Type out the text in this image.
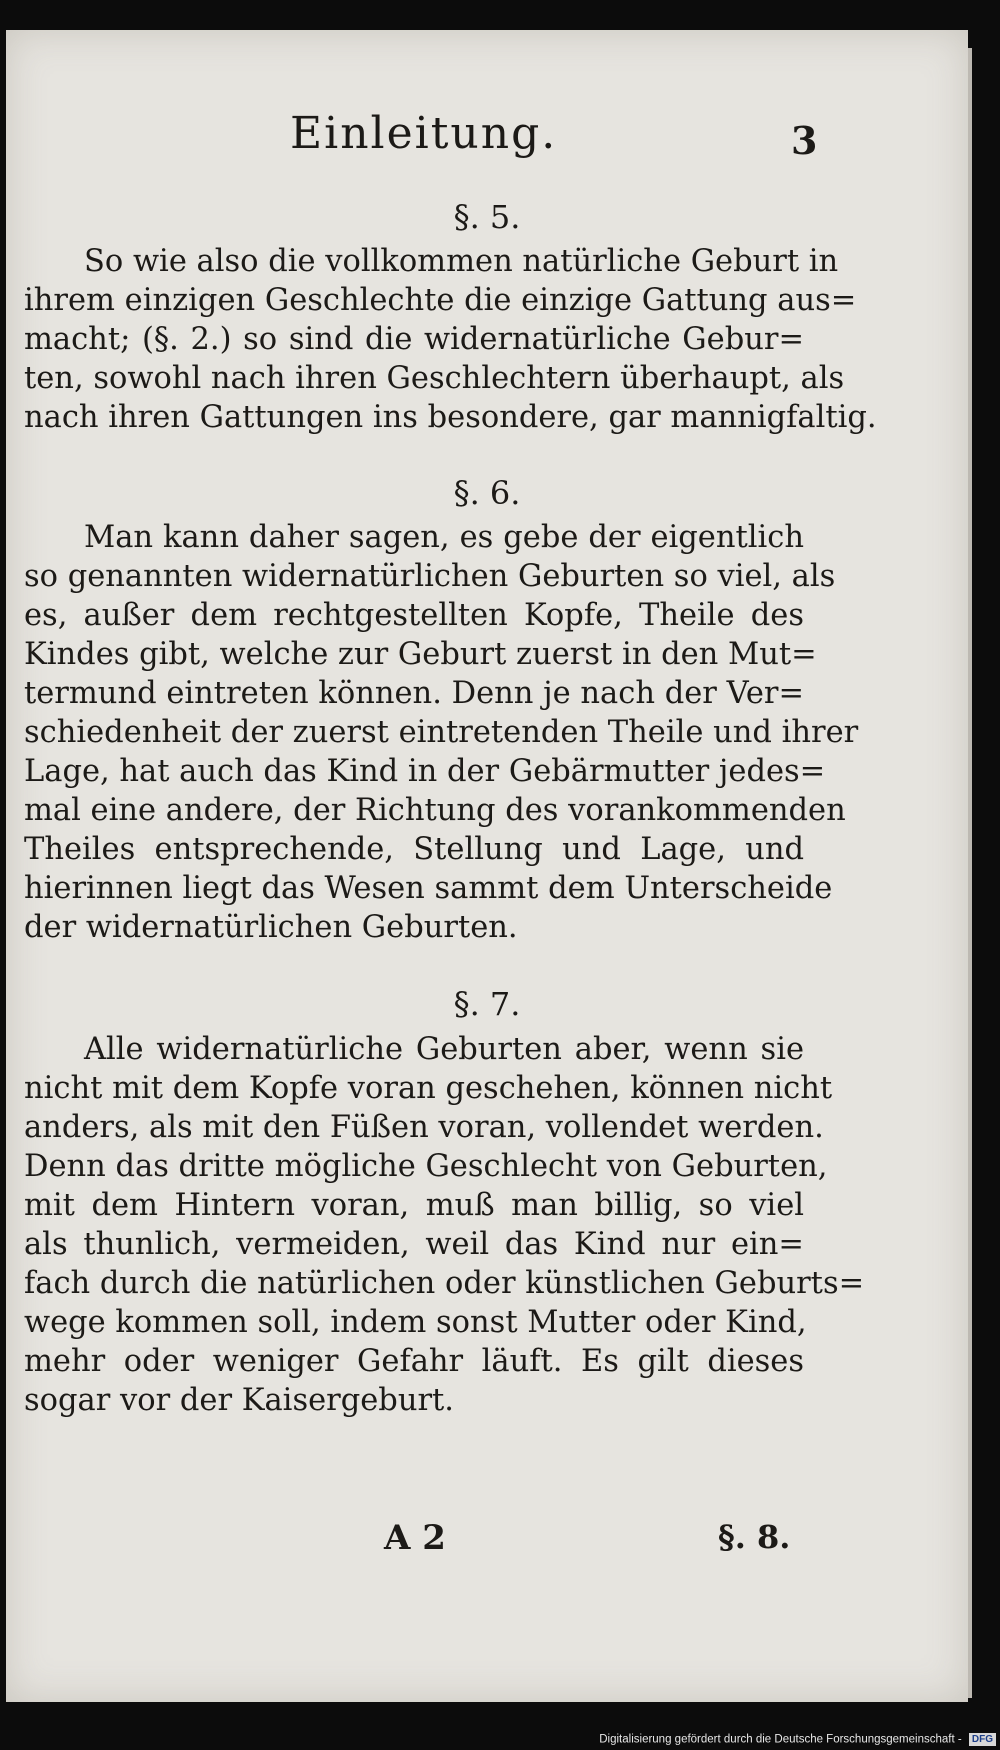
Einleitung.	3
§. 5.

So wie also die vollkommen natürliche Geburt in
ihrem einzigen Geschlechte die einzige Gattung aus=
macht; (§. 2.) so sind die widernatürliche Gebur=
ten, sowohl nach ihren Geschlechtern überhaupt, als
nach ihren Gattungen ins besondere, gar mannigfaltig.

§. 6.

Man kann daher sagen, es gebe der eigentlich
so genannten widernatürlichen Geburten so viel, als
es, außer dem rechtgestellten Kopfe, Theile des
Kindes gibt, welche zur Geburt zuerst in den Mut=
termund eintreten können. Denn je nach der Ver=
schiedenheit der zuerst eintretenden Theile und ihrer
Lage, hat auch das Kind in der Gebärmutter jedes=
mal eine andere, der Richtung des vorankommenden
Theiles entsprechende, Stellung und Lage, und
hierinnen liegt das Wesen sammt dem Unterscheide
der widernatürlichen Geburten.

§. 7.

Alle widernatürliche Geburten aber, wenn sie
nicht mit dem Kopfe voran geschehen, können nicht
anders, als mit den Füßen voran, vollendet werden.
Denn das dritte mögliche Geschlecht von Geburten,
mit dem Hintern voran, muß man billig, so viel
als thunlich, vermeiden, weil das Kind nur ein=
fach durch die natürlichen oder künstlichen Geburts=
wege kommen soll, indem sonst Mutter oder Kind,
mehr oder weniger Gefahr läuft. Es gilt dieses
sogar vor der Kaisergeburt.

A 2	§. 8.
Digitalisierung gefördert durch die Deutsche Forschungsgemeinschaft - DFG
